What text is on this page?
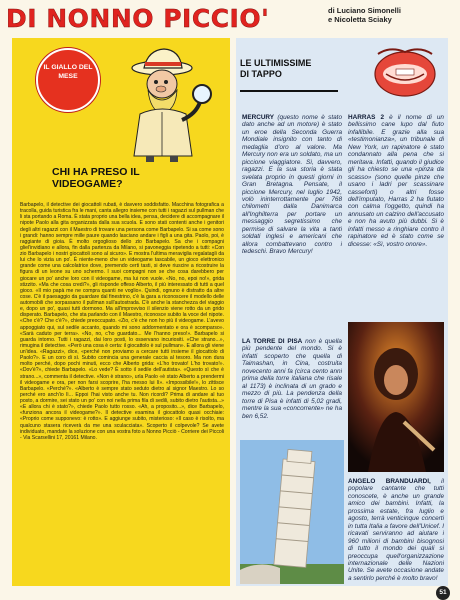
DI NONNO PICCIO'	di Luciano Simonelli
e Nicoletta Sciaky
IL GIALLO DEL MESE
CHI HA PRESO IL VIDEOGAME?
Barbapelo, il detective dei giocattoli rubati, è davvero soddisfatto. Macchina fotografica a tracolla, guida turistica fra le mani, canta allegro insieme con tutti i ragazzi sul pullman che li sta portando a Roma. È stata proprio una bella idea, pensa, decidere di accompagnare il nipote Paolo alla gita organizzata dalla sua scuola. E sono stati contenti anche i genitori degli altri ragazzi con il Maestro di trovare una persona come Barbapelo. Si sa come sono i grandi: hanno sempre mille paure quando lasciano andare i figli a una gita. Paolo, poi, è raggiante di gioia. È molto orgoglioso dello zio Barbapelo. Sa che i compagni gliel'invidiano e allora, fin dalla partenza da Milano, si pavoneggia ripetendo a tutti: «Con zio Barbapelo i nostri giocattoli sono al sicuro». E mostra l'ultima meraviglia regalatagli da lui che lo vizia un po'. È niente-meno che un videogame tascabile, un gioco elettronico grande come una calcolatrice dove, premendo certi tasti, si deve riuscire a ricostruire la figura di un leone su uno schermo. I suoi compagni non se che cosa darebbero per giocare un po' anche loro con il videogame, ma lui non vuole. «No, no, epoi no!», grida stizzito. «Ma che cosa credi?», gli risponde offeso Alberto, il più interessato di tutti a quel gioco. «Il mio papà me ne compra quanti ne voglio». Quindi, ognuno è distratto da altre cose. C'è il paesaggio da guardare dal finestrino, c'è la gara a riconoscere il modello delle automobili che sorpassano il pullman sull'autostrada. C'è anche la stanchezza del viaggio e, dopo un po', quasi tutti dormono. Ma all'improvviso il silenzio viene rotto da un grido disperato. Barbapelo, che sta parlando con il Maestro, riconosce subito la voce del nipote. «Che c'è? Che c'è?», chiede preoccupato. «Zio, c'è che non ho più il videogame. L'avevo appoggiato qui, sul sedile accanto, quando mi sono addormentato e ora è scomparso». «Sarà caduto per terra». «No, no, c'ho guardato... Me l'hanno preso!». Barbapelo si guarda intorno. Tutti i ragazzi, dai loro posti, lo osservano incuriositi. «Che strano...», rimugina il detective. «Però una cosa è certa: il giocattolo è sul pullman». E allora gli viene un'idea. «Ragazzi», dice, «perché non proviamo a cercare tutti insieme il giocattolo di Paolo?». E un coro di sì. Subito comincia una generale caccia al tesoro. Ma non dura molto perché, dopo pochi minuti, ecco che Alberto grida: «L'ho trovato! L'ho trovato!». «Dov'è?», chiede Barbapelo. «Lo vede? È sotto il sedile dell'autista». «Questo sì che è strano...», commenta il detective. «Non è strano», urla Paolo «è stato Alberto a prendermi il videogame e ora, per non farsi scoprire, l'ha messo lui lì». «Impossibile!», lo zittisce Barbapelo. «Perché?». «Alberto è sempre stato seduto dietro al signor Maestro. Lo so perché ero anch'io lì... Eppoi l'hai visto anche tu. Non ricordi? Prima di andare al tuo posto, a dormire, sei stato un po' con noi nella prima fila di sedili, subito dietro l'autista...» «E allora chi è stato?», chiede Paolo tutto rosso. «Ah, a proposito...», dice Barbapelo, «funziona ancora il videogame?». Il detective esamina il giocattolo quasi occhiaie: «Proprio come supponevo: è rotto». E aggiunge subito, misterioso: «Il caso è risolto, ma qualcuno stasera riceverà da me una sculacciata». Scoperto il colpevole? Se avete individuato, mandate la soluzione con una vostra foto a Nonno Picciò - Corriere dei Piccoli - Via Scarsellini 17, 20161 Milano.
LE ULTIMISSIME
DI TAPPO
MERCURY (questo nome è stato dato anche ad un motore) è stato un eroe della Seconda Guerra Mondiale insignito con tanto di medaglia d'oro al valore. Ma Mercury non era un soldato, ma un piccione viaggiatore. Sì, davvero, ragazzi. E la sua storia è stata svelata proprio in questi giorni in Gran Bretagna. Pensate, il piccione Mercury, nel luglio 1942, volò ininterrottamente per 768 chilometri dalla Danimarca all'Inghilterra per portare un messaggio segretissimo che permise di salvare la vita a tanti soldati inglesi e americani che allora combattevano contro i tedeschi. Bravo Mercury!
HARRAS 2 è il nome di un bellissimo cane lupo dal fiuto infallibile. E grazie alla sua «testimonianza», un tribunale di New York, un rapinatore è stato condannato alla pena che si meritava. Infatti, quando il giudice gli ha chiesto se una «pinza da scasso» (sono quelle pinze che usano i ladri per scassinare casseforti) o altri fosse dell'imputato, Harras 2 ha fiutato con calma l'oggetto, quindi ha annusato un calzino dell'accusato e non ha avuto più dubbi. Si è infatti messo a ringhiare contro il rapinatore ed è stato come se dicesse: «Sì, vostro onore».
LA TORRE DI PISA non è quella più pendente del mondo. Si è infatti scoperto che quella di Taimashan, in Cina, costruita novecento anni fa (circa cento anni prima della torre italiana che risale al 1173) è inclinata di un grado e mezzo di più. La pendenza della torre di Pisa è infatti di 5,02 gradi, mentre la sua «concorrente» ne ha ben 6,52.
ANGELO BRANDUARDI, il popolare cantante che tutti conoscete, è anche un grande amico dei bambini. Infatti, la prossima estate, fra luglio e agosto, terrà venticinque concerti in tutta Italia a favore dell'Unicef. I ricavati serviranno ad aiutare i 960 milioni di bambini bisognosi di tutto il mondo dei quali si preoccupa quell'organizzazione internazionale delle Nazioni Unite. Se avete occasione andate a sentirlo perché è molto bravo!
51
